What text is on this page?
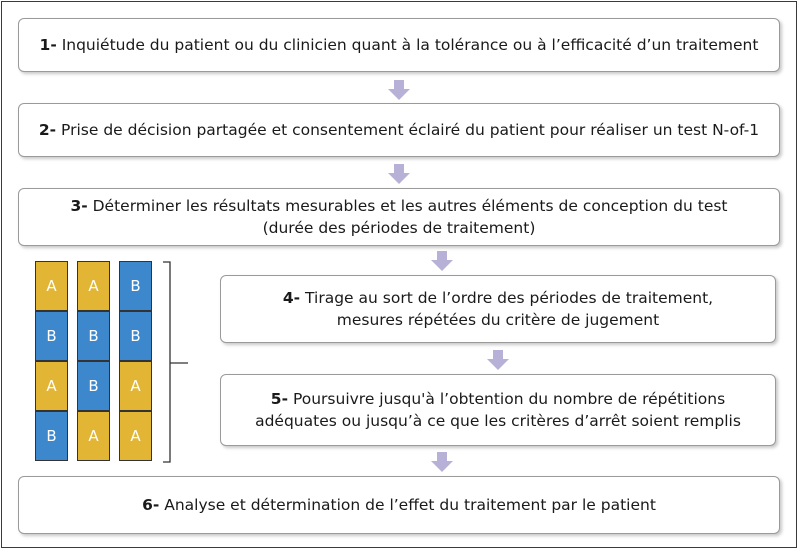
1- Inquiétude du patient ou du clinicien quant à la tolérance ou à l’efficacité d’un traitement
2- Prise de décision partagée et consentement éclairé du patient pour réaliser un test N-of-1
3- Déterminer les résultats mesurables et les autres éléments de conception du test
(durée des périodes de traitement)
4- Tirage au sort de l’ordre des périodes de traitement,
mesures répétées du critère de jugement
5- Poursuivre jusqu'à l’obtention du nombre de répétitions
adéquates ou jusqu’à ce que les critères d’arrêt soient remplis
6- Analyse et détermination de l’effet du traitement par le patient
A
B
A
B
A
B
B
A
B
B
A
A
